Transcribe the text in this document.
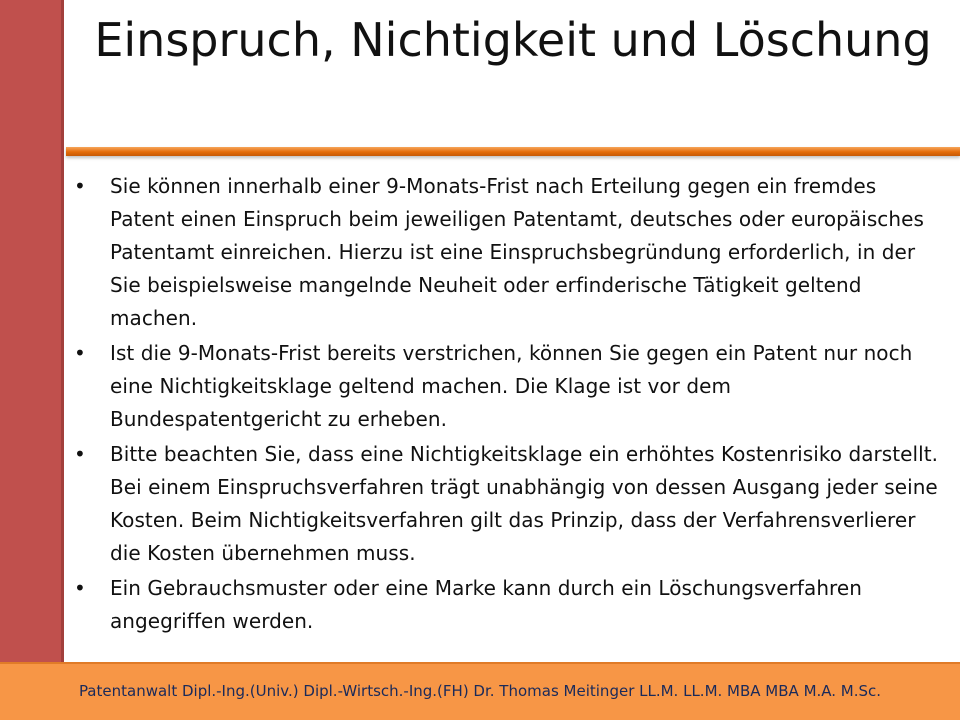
Einspruch, Nichtigkeit und Löschung
• Sie können innerhalb einer 9-Monats-Frist nach Erteilung gegen ein fremdes Patent einen Einspruch beim jeweiligen Patentamt, deutsches oder europäisches Patentamt einreichen. Hierzu ist eine Einspruchsbegründung erforderlich, in der Sie beispielsweise mangelnde Neuheit oder erfinderische Tätigkeit geltend machen.
• Ist die 9-Monats-Frist bereits verstrichen, können Sie gegen ein Patent nur noch eine Nichtigkeitsklage geltend machen. Die Klage ist vor dem Bundespatentgericht zu erheben.
• Bitte beachten Sie, dass eine Nichtigkeitsklage ein erhöhtes Kostenrisiko darstellt. Bei einem Einspruchsverfahren trägt unabhängig von dessen Ausgang jeder seine Kosten. Beim Nichtigkeitsverfahren gilt das Prinzip, dass der Verfahrensverlierer die Kosten übernehmen muss.
• Ein Gebrauchsmuster oder eine Marke kann durch ein Löschungsverfahren angegriffen werden.
Patentanwalt Dipl.-Ing.(Univ.) Dipl.-Wirtsch.-Ing.(FH) Dr. Thomas Meitinger LL.M. LL.M. MBA MBA M.A. M.Sc.
